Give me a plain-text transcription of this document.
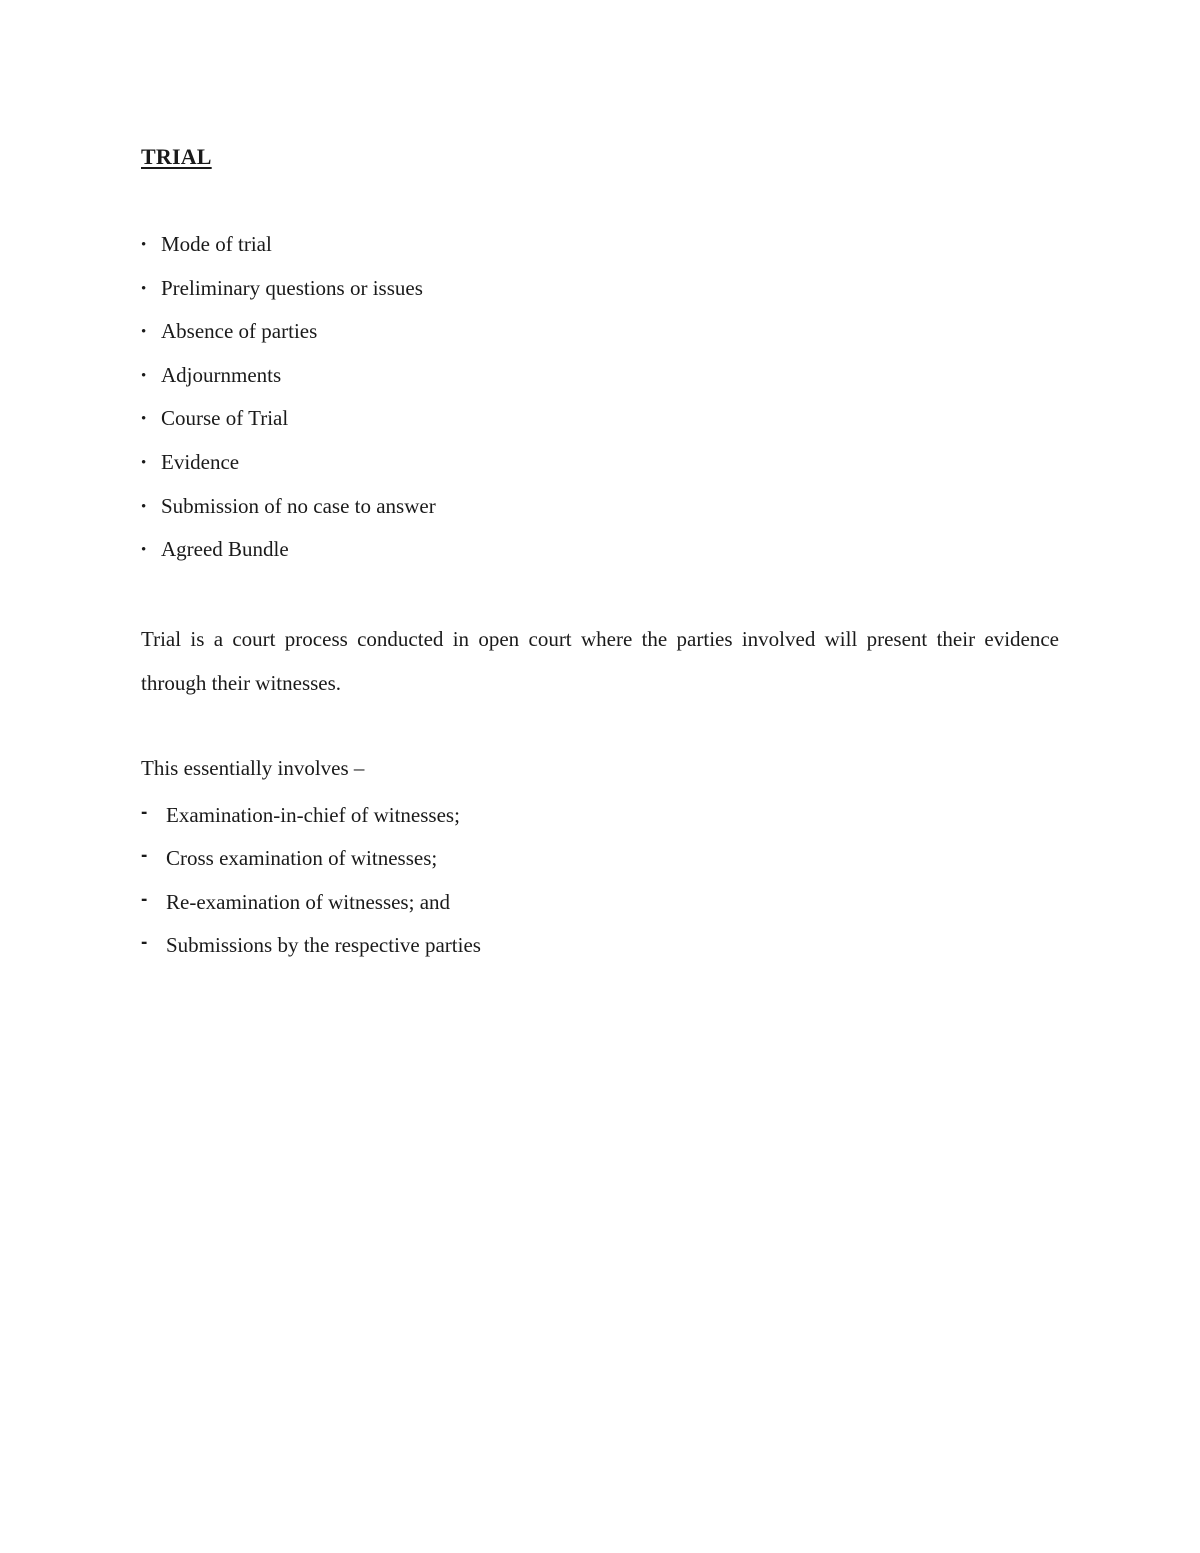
TRIAL
• Mode of trial
• Preliminary questions or issues
• Absence of parties
• Adjournments
• Course of Trial
• Evidence
• Submission of no case to answer
• Agreed Bundle

Trial is a court process conducted in open court where the parties involved will present their evidence through their witnesses.

This essentially involves –

- Examination-in-chief of witnesses;
- Cross examination of witnesses;
- Re-examination of witnesses; and
- Submissions by the respective parties
